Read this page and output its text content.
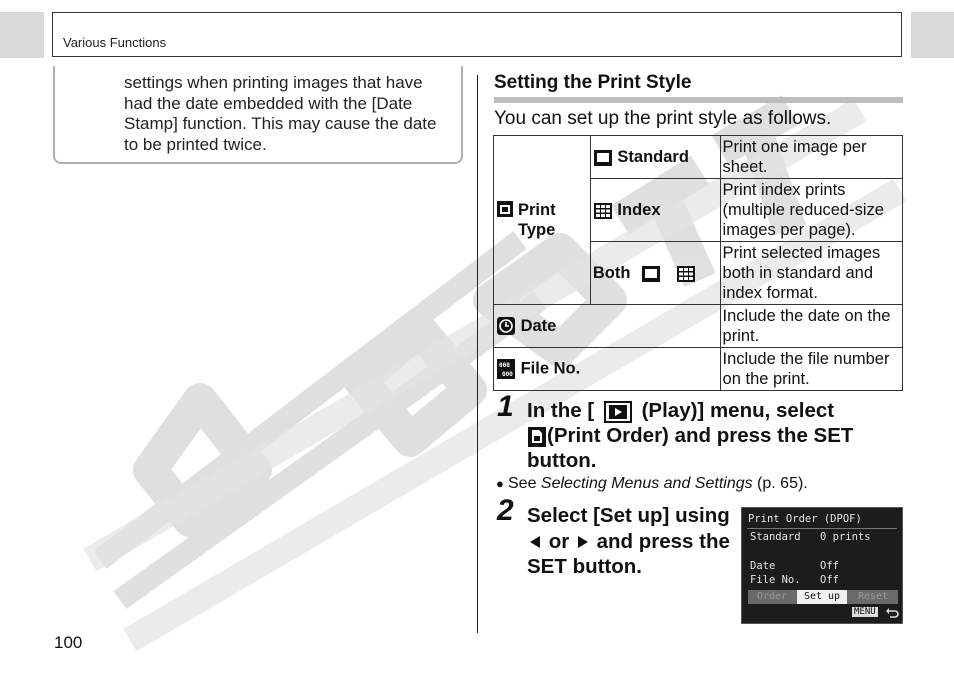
Various Functions
settings when printing images that have had the date embedded with the [Date Stamp] function. This may cause the date to be printed twice.
100
Setting the Print Style
You can set up the print style as follows.
Print
Type	Standard	Print one image per sheet.
	Index	Print index prints (multiple reduced-size images per page).
	Both	Print selected images both in standard and index format.
Date		Include the date on the print.

000
000 File No.		Include the file number on the print.
1 In the [ (Play)] menu, select
(Print Order) and press the SET button.
● See Selecting Menus and Settings (p. 65).
2 Select [Set up] using  or and press the SET button.
Print Order (DPOF)
Standard 0 prints
Date	Off
File No. Off
Order	Set up	Reset
MENU
